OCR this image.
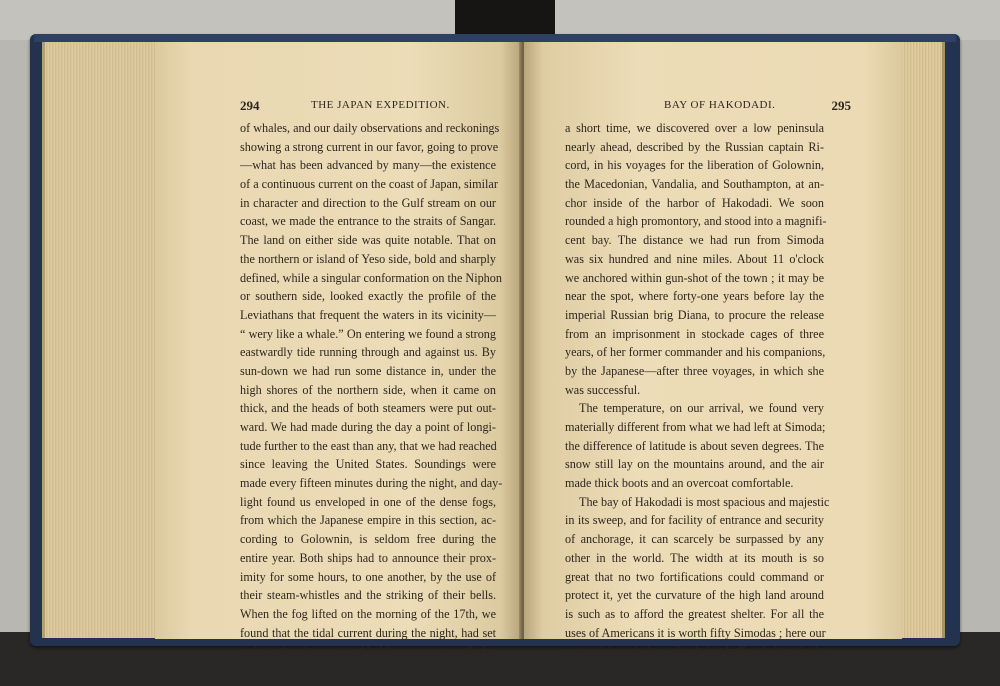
294	THE JAPAN EXPEDITION.
of whales, and our daily observations and reckonings
showing a strong current in our favor, going to prove
—what has been advanced by many—the existence
of a continuous current on the coast of Japan, similar
in character and direction to the Gulf stream on our
coast, we made the entrance to the straits of Sangar.
The land on either side was quite notable. That on
the northern or island of Yeso side, bold and sharply
defined, while a singular conformation on the Niphon
or southern side, looked exactly the profile of the
Leviathans that frequent the waters in its vicinity—
“ wery like a whale.” On entering we found a strong
eastwardly tide running through and against us. By
sun-down we had run some distance in, under the
high shores of the northern side, when it came on
thick, and the heads of both steamers were put out-
ward. We had made during the day a point of longi-
tude further to the east than any, that we had reached
since leaving the United States. Soundings were
made every fifteen minutes during the night, and day-
light found us enveloped in one of the dense fogs,
from which the Japanese empire in this section, ac-
cording to Golownin, is seldom free during the
entire year. Both ships had to announce their prox-
imity for some hours, to one another, by the use of
their steam-whistles and the striking of their bells.
When the fog lifted on the morning of the 17th, we
found that the tidal current during the night, had set
us in, rather than out, and holding on westwardly for
BAY OF HAKODADI.	295
a short time, we discovered over a low peninsula
nearly ahead, described by the Russian captain Ri-
cord, in his voyages for the liberation of Golownin,
the Macedonian, Vandalia, and Southampton, at an-
chor inside of the harbor of Hakodadi. We soon
rounded a high promontory, and stood into a magnifi-
cent bay. The distance we had run from Simoda
was six hundred and nine miles. About 11 o'clock
we anchored within gun-shot of the town ; it may be
near the spot, where forty-one years before lay the
imperial Russian brig Diana, to procure the release
from an imprisonment in stockade cages of three
years, of her former commander and his companions,
by the Japanese—after three voyages, in which she
was successful.
The temperature, on our arrival, we found very
materially different from what we had left at Simoda;
the difference of latitude is about seven degrees. The
snow still lay on the mountains around, and the air
made thick boots and an overcoat comfortable.
The bay of Hakodadi is most spacious and majestic
in its sweep, and for facility of entrance and security
of anchorage, it can scarcely be surpassed by any
other in the world. The width at its mouth is so
great that no two fortifications could command or
protect it, yet the curvature of the high land around
is such as to afford the greatest shelter. For all the
uses of Americans it is worth fifty Simodas ; here our
enterprising whalers, after being buffeted about in the
